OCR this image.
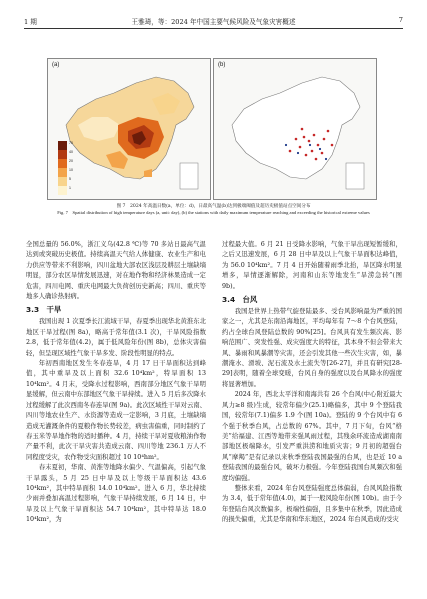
1 期	王雅琦，等：2024 年中国主要气候风险及气象灾害概述	7
(a)
70
40
20
10
5
1
(b)
图 7　2024 年高温日数(a，单位：d)，日最高气温(b)达到极端阈值及超历史极值站点空间分布
Fig. 7　Spatial distribution of high temperature days (a, unit: day), (b) the stations with daily maximum temperature reaching and exceeding the historical extreme values

全国总量的 56.0%，浙江义乌(42.8 ℃)等 70 多站日最高气温达到或突破历史极值。持续高温天气给人体健康、农业生产和电力供应等带来不利影响，四川盆地大部农区浅层及耕层土壤缺墒明显，部分农区旱情发展迅速，对在地作物和经济林果造成一定危害，四川电网、重庆电网最大负荷创历史新高；四川、重庆等地多人确诊热射病。

3.3　干旱

我国出现 1 次夏季长江流域干旱，春夏季出现华北黄淮东北地区干旱过程(图 8a)，略高于常年值(3.1 次)，干旱风险指数 2.8，低于常年值(4.2)，属于低风险年份(图 8b)，总体灾害偏轻，但呈现区域性气象干旱多发、阶段性明显的特点。

年初西南地区发生冬春连旱，4 月 17 日干旱面积达到峰值，其中重旱及以上面积 32.6 10⁴km²，特旱面积 13 10⁴km²。4 月末，受降水过程影响，西南部分地区气象干旱明显缓解，但云南中东部地区气象干旱持续。进入 5 月后多次降水过程缓解了此次西南冬春连旱(图 9a)。此次区域性干旱对云南、四川等地农业生产、水资源等造成一定影响，3 月底，土壤缺墒造成无灌溉条件的夏粮作物长势较差，病虫害偏重，同时制约了春玉米等旱地作物的适时播种。4 月，持续干旱对夏收粮油作物产量不利，此次干旱灾害共造成云南、四川等地 236.1 万人不同程度受灾，农作物受灾面积超过 10 10⁴hm²。

春末夏初，华南、黄淮等地降水偏少、气温偏高，引起气象干旱露头，5 月 25 日中旱及以上等级干旱面积达 43.6 10⁴km²，其中特旱面积 14.0 10⁴km²。进入 6 月，华北持续少雨并叠加高温过程影响，气象干旱持续发展，6 月 14 日，中旱及以上气象干旱面积达 54.7 10⁴km²，其中特旱达 18.0 10⁴km²，为

过程最大值。6 月 21 日受降水影响，气象干旱出现短暂缓和，之后又迅速发展，6 月 28 日中旱及以上气象干旱面积达峰值，为 56.0 10⁴km²。7 月 4 日开始随着雨季北抬，旱区降水明显增多，旱情逐渐解除，河南和山东等地发生“旱涝急转”(图 9b)。

3.4　台风

我国是世界上热带气旋登陆最多、受台风影响最为严重的国家之一，尤其是东南沿海地区，平均每年有 7～8 个台风登陆，约占全球台风登陆总数的 90%[25]。台风具有发生频次高、影响范围广、突发性强、成灾强度大的特征，其本身不但会带来大风、暴雨和风暴潮等灾害，还会引发其他一些次生灾害，如，暴潮淹水、滑坡、泥石流及水土流失等[26-27]，并且有研究[28-29]表明，随着全球变暖，台风自身的强度以及台风降水的强度将显著增加。

2024 年，西北太平洋和南海共有 26 个台风(中心附近最大风力≥8 级)生成，较常年偏少(25.1)略偏多，其中 9 个登陆我国，较常年(7.1)偏多 1.9 个(图 10a)。登陆的 9 个台风中有 6 个强于秋季台风，占总数的 67%。其中，7 月下旬，台风“格美”给福建、江西等地带来强风雨过程，其残余环流造成湖南南部地区极端降水，引发严重洪涝和地质灾害；9 月初的超强台风“摩羯”是有记录以来秋季登陆我国最强的台风，也是近 10 a 登陆我国的最强台风，破坏力极强。今年登陆我国台风频次和强度均偏强。

整体来看，2024 年台风登陆强度总体偏弱，台风风险指数为 3.4，低于常年值(4.0)，属于一般风险年份(图 10b)。由于今年登陆台风次数偏多，极端性偏强，且多集中在秋季，因此造成的损失偏重，尤其是华南和华东地区，2024 年台风造成的受灾
